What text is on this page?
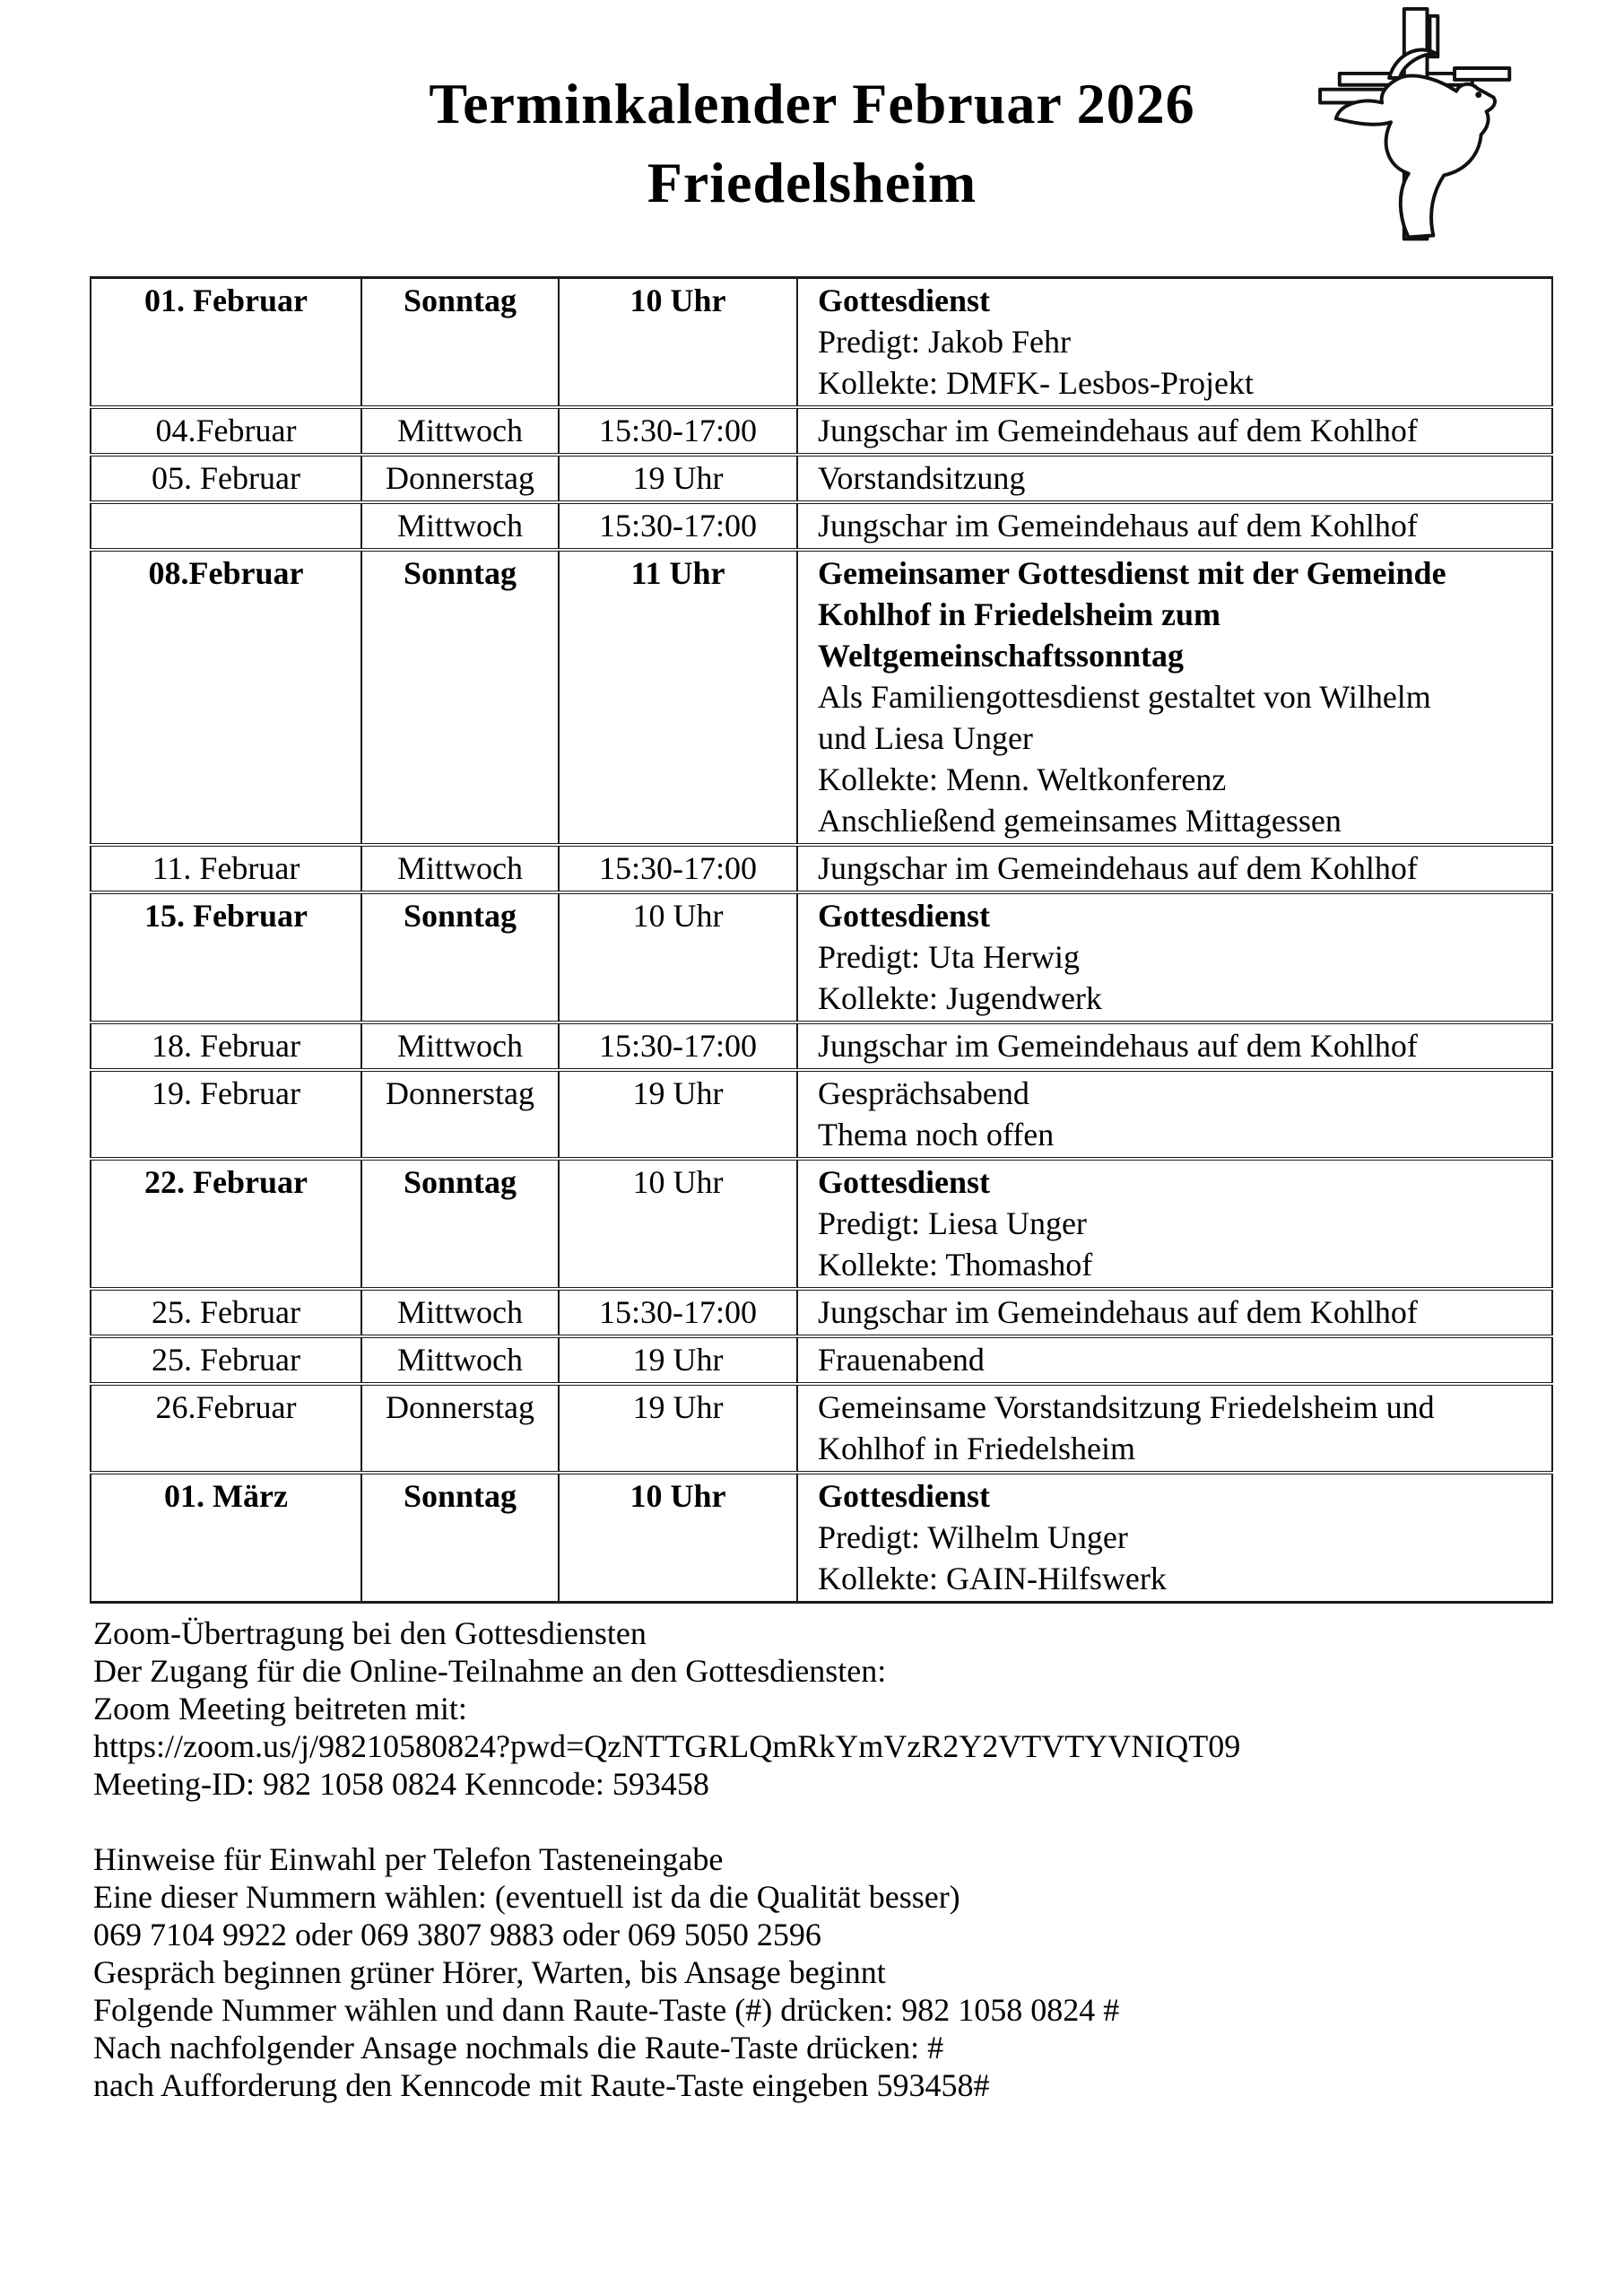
Terminkalender Februar 2026
Friedelsheim
01. Februar	Sonntag	10 Uhr	Gottesdienst
Predigt: Jakob Fehr
Kollekte: DMFK- Lesbos-Projekt

04.Februar	Mittwoch	15:30-17:00	Jungschar im Gemeindehaus auf dem Kohlhof

05. Februar	Donnerstag	19 Uhr	Vorstandsitzung

	Mittwoch	15:30-17:00	Jungschar im Gemeindehaus auf dem Kohlhof

08.Februar	Sonntag	11 Uhr	Gemeinsamer Gottesdienst mit der Gemeinde
Kohlhof in Friedelsheim zum
Weltgemeinschaftssonntag
Als Familiengottesdienst gestaltet von Wilhelm
und Liesa Unger
Kollekte: Menn. Weltkonferenz
Anschließend gemeinsames Mittagessen

11. Februar	Mittwoch	15:30-17:00	Jungschar im Gemeindehaus auf dem Kohlhof

15. Februar	Sonntag	10 Uhr	Gottesdienst
Predigt: Uta Herwig
Kollekte: Jugendwerk

18. Februar	Mittwoch	15:30-17:00	Jungschar im Gemeindehaus auf dem Kohlhof

19. Februar	Donnerstag	19 Uhr	Gesprächsabend
Thema noch offen

22. Februar	Sonntag	10 Uhr	Gottesdienst
Predigt: Liesa Unger
Kollekte: Thomashof

25. Februar	Mittwoch	15:30-17:00	Jungschar im Gemeindehaus auf dem Kohlhof

25. Februar	Mittwoch	19 Uhr	Frauenabend

26.Februar	Donnerstag	19 Uhr	Gemeinsame Vorstandsitzung Friedelsheim und
Kohlhof in Friedelsheim

01. März	Sonntag	10 Uhr	Gottesdienst
Predigt: Wilhelm Unger
Kollekte: GAIN-Hilfswerk
Zoom-Übertragung bei den Gottesdiensten
Der Zugang für die Online-Teilnahme an den Gottesdiensten:
Zoom Meeting beitreten mit:
https://zoom.us/j/98210580824?pwd=QzNTTGRLQmRkYmVzR2Y2VTVTYVNIQT09
Meeting-ID: 982 1058 0824 Kenncode: 593458

Hinweise für Einwahl per Telefon Tasteneingabe
Eine dieser Nummern wählen: (eventuell ist da die Qualität besser)
069 7104 9922 oder 069 3807 9883 oder 069 5050 2596
Gespräch beginnen grüner Hörer, Warten, bis Ansage beginnt
Folgende Nummer wählen und dann Raute-Taste (#) drücken: 982 1058 0824 #
Nach nachfolgender Ansage nochmals die Raute-Taste drücken: #
nach Aufforderung den Kenncode mit Raute-Taste eingeben 593458#
